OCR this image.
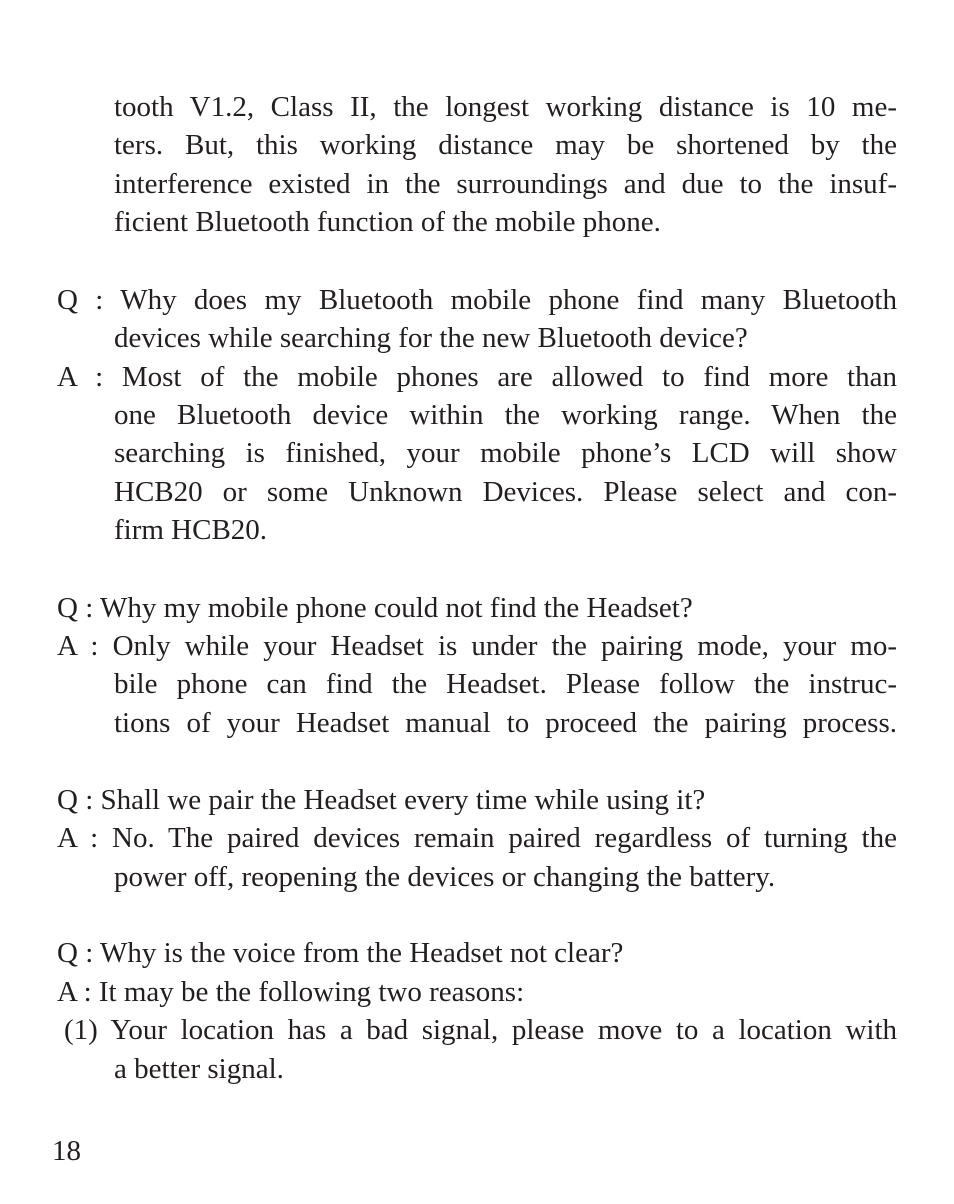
tooth V1.2, Class II, the longest working distance is 10 me-
ters. But, this working distance may be shortened by the
interference existed in the surroundings and due to the insuf-
ficient Bluetooth function of the mobile phone.
Q : Why does my Bluetooth mobile phone find many Bluetooth
devices while searching for the new Bluetooth device?
A : Most of the mobile phones are allowed to find more than
one Bluetooth device within the working range. When the
searching is finished, your mobile phone’s LCD will show
HCB20 or some Unknown Devices. Please select and con-
firm HCB20.
Q : Why my mobile phone could not find the Headset?
A : Only while your Headset is under the pairing mode, your mo-
bile phone can find the Headset. Please follow the instruc-
tions of your Headset manual to proceed the pairing process.
Q : Shall we pair the Headset every time while using it?
A : No. The paired devices remain paired regardless of turning the
power off, reopening the devices or changing the battery.
Q : Why is the voice from the Headset not clear?
A : It may be the following two reasons:
(1) Your location has a bad signal, please move to a location with
a better signal.
18
